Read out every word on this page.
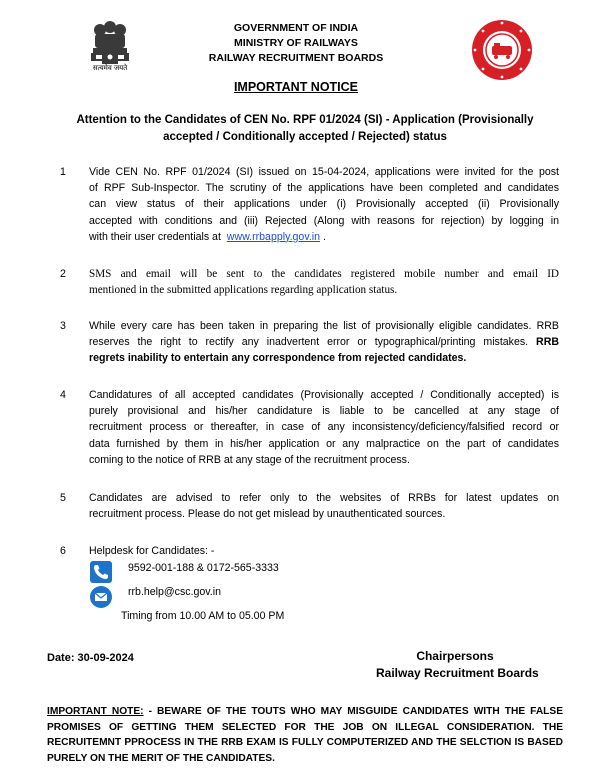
सत्यमेव जयते
GOVERNMENT OF INDIA
MINISTRY OF RAILWAYS
RAILWAY RECRUITMENT BOARDS
IMPORTANT NOTICE
Attention to the Candidates of CEN No. RPF 01/2024 (SI) - Application (Provisionally
accepted / Conditionally accepted / Rejected) status
1	Vide CEN No. RPF 01/2024 (SI) issued on 15-04-2024, applications were invited for the post
of RPF Sub-Inspector. The scrutiny of the applications have been completed and candidates
can view status of their applications under (i) Provisionally accepted (ii) Provisionally
accepted with conditions and (iii) Rejected (Along with reasons for rejection) by logging in
with their user credentials at www.rrbapply.gov.in .
2	SMS and email will be sent to the candidates registered mobile number and email ID
mentioned in the submitted applications regarding application status.
3	While every care has been taken in preparing the list of provisionally eligible candidates. RRB
reserves the right to rectify any inadvertent error or typographical/printing mistakes. RRB
regrets inability to entertain any correspondence from rejected candidates.
4	Candidatures of all accepted candidates (Provisionally accepted / Conditionally accepted) is
purely provisional and his/her candidature is liable to be cancelled at any stage of
recruitment process or thereafter, in case of any inconsistency/deficiency/falsified record or
data furnished by them in his/her application or any malpractice on the part of candidates
coming to the notice of RRB at any stage of the recruitment process.
5	Candidates are advised to refer only to the websites of RRBs for latest updates on
recruitment process. Please do not get mislead by unauthenticated sources.
6	Helpdesk for Candidates: -
9592-001-188 & 0172-565-3333
rrb.help@csc.gov.in
Timing from 10.00 AM to 05.00 PM
Date: 30-09-2024	Chairpersons
Railway Recruitment Boards
IMPORTANT NOTE: - BEWARE OF THE TOUTS WHO MAY MISGUIDE CANDIDATES WITH THE FALSE
PROMISES OF GETTING THEM SELECTED FOR THE JOB ON ILLEGAL CONSIDERATION. THE
RECRUITEMNT PPROCESS IN THE RRB EXAM IS FULLY COMPUTERIZED AND THE SELCTION IS BASED
PURELY ON THE MERIT OF THE CANDIDATES.
